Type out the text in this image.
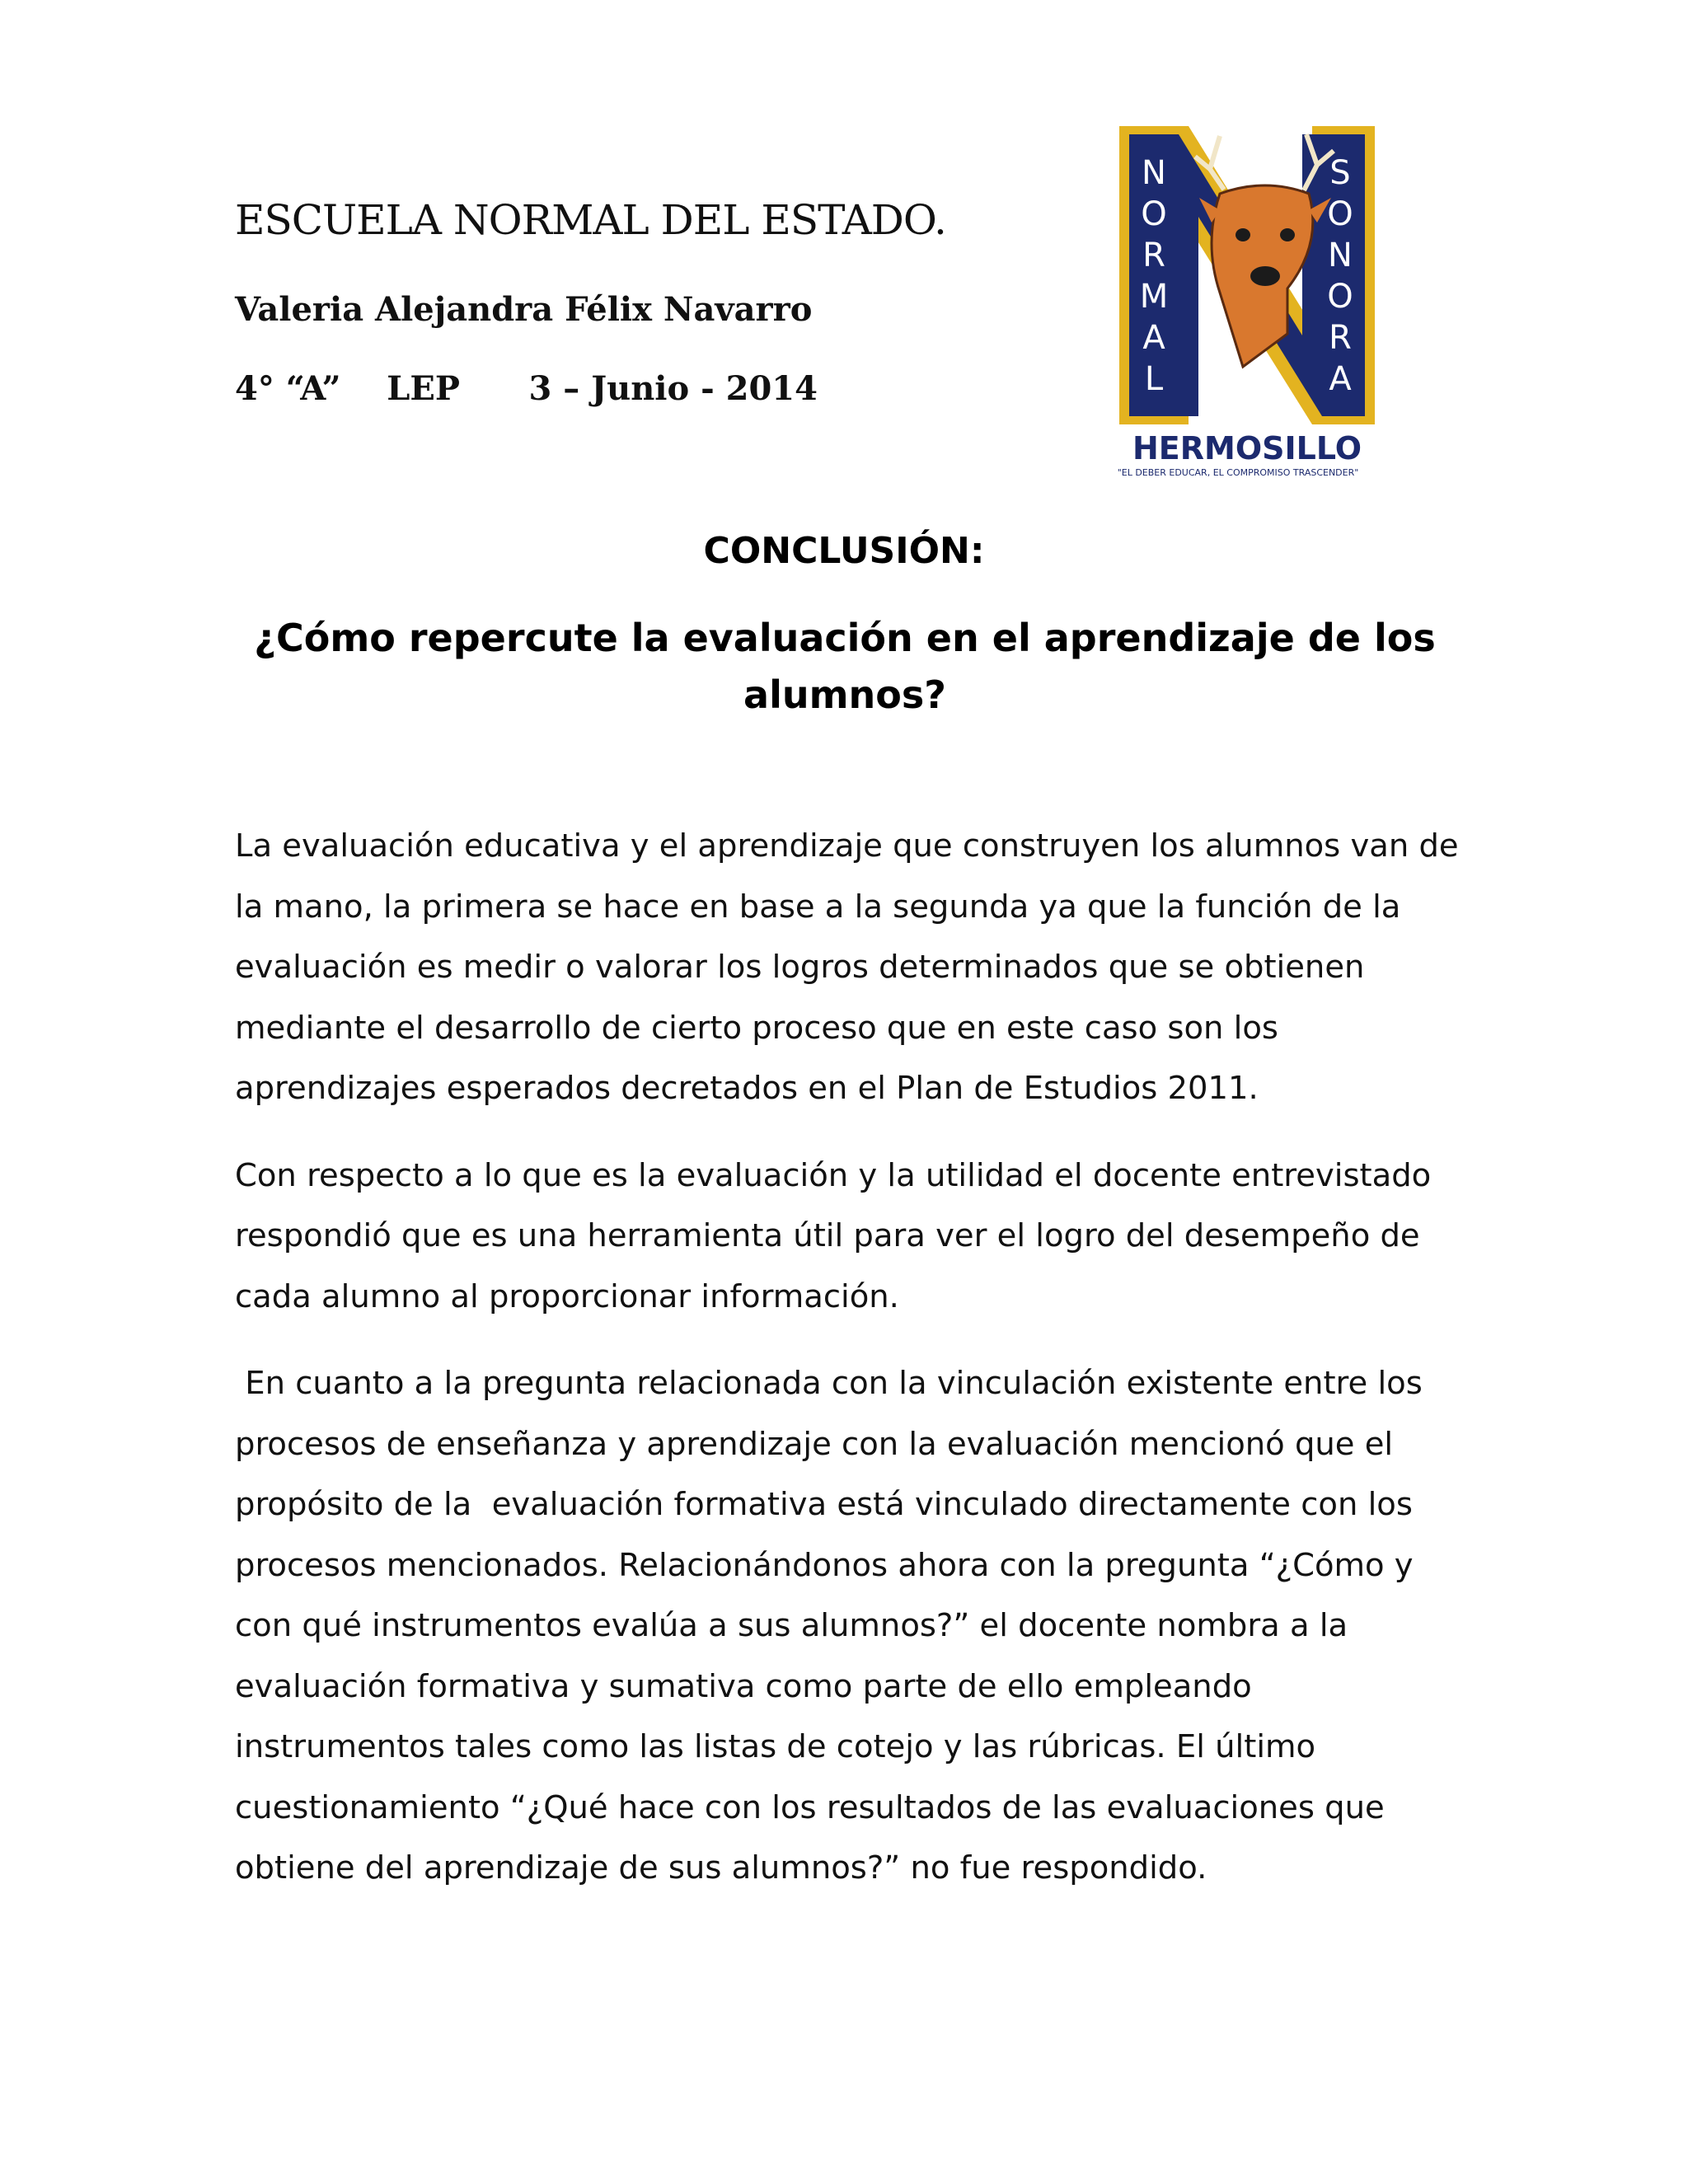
ESCUELA NORMAL DEL ESTADO.
Valeria Alejandra Félix Navarro
4° “A” LEP 3 – Junio - 2014
N
O
R
M
A
L
S
O
N
O
R
A
HERMOSILLO
"EL DEBER EDUCAR, EL COMPROMISO TRASCENDER"
CONCLUSIÓN:
¿Cómo repercute la evaluación en el aprendizaje de los alumnos?

La evaluación educativa y el aprendizaje que construyen los alumnos van de la mano, la primera se hace en base a la segunda ya que la función de la evaluación es medir o valorar los logros determinados que se obtienen mediante el desarrollo de cierto proceso que en este caso son los aprendizajes esperados decretados en el Plan de Estudios 2011.

Con respecto a lo que es la evaluación y la utilidad el docente entrevistado respondió que es una herramienta útil para ver el logro del desempeño de cada alumno al proporcionar información.

En cuanto a la pregunta relacionada con la vinculación existente entre los procesos de enseñanza y aprendizaje con la evaluación mencionó que el propósito de la  evaluación formativa está vinculado directamente con los procesos mencionados. Relacionándonos ahora con la pregunta “¿Cómo y con qué instrumentos evalúa a sus alumnos?” el docente nombra a la evaluación formativa y sumativa como parte de ello empleando instrumentos tales como las listas de cotejo y las rúbricas. El último cuestionamiento “¿Qué hace con los resultados de las evaluaciones que obtiene del aprendizaje de sus alumnos?” no fue respondido.
